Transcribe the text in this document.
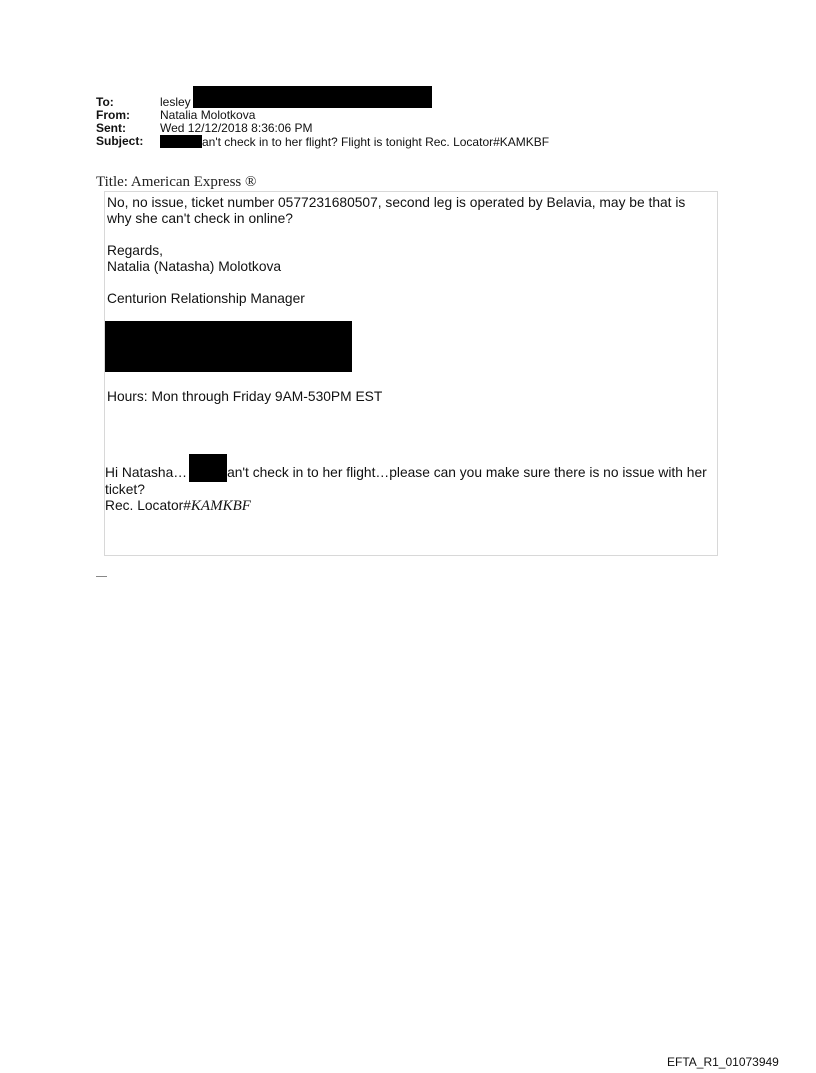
To:	lesley
From:	Natalia Molotkova
Sent:	Wed 12/12/2018 8:36:06 PM
Subject:	an't check in to her flight? Flight is tonight Rec. Locator#KAMKBF
Title: American Express ®

No, no issue, ticket number 0577231680507, second leg is operated by Belavia, may be that is why she can't check in online?

Regards,

Natalia (Natasha) Molotkova

Centurion Relationship Manager

Hours: Mon through Friday 9AM-530PM EST

Hi Natasha…	an't check in to her flight…please can you make sure there is no issue with her ticket?

Rec. Locator#KAMKBF

EFTA_R1_01073949
